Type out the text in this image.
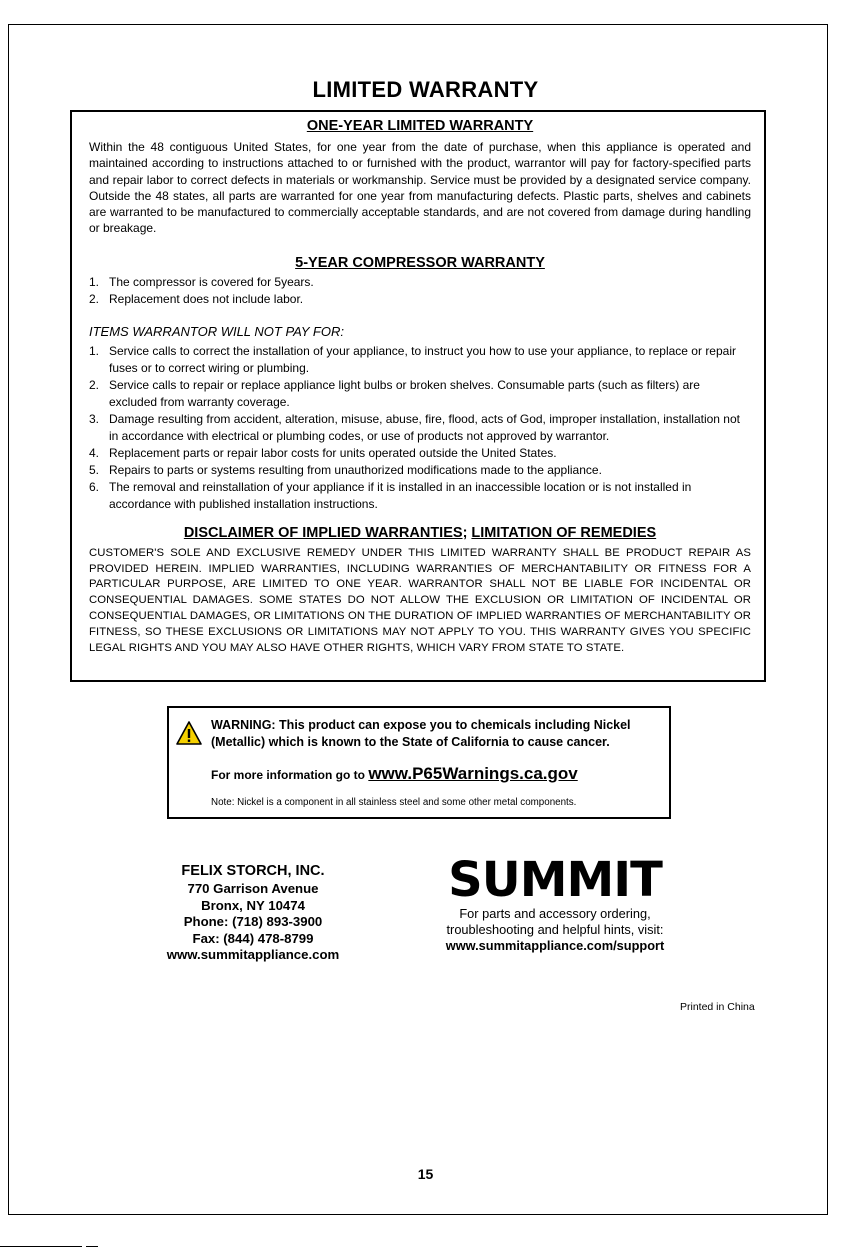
LIMITED WARRANTY
ONE-YEAR LIMITED WARRANTY
Within the 48 contiguous United States, for one year from the date of purchase, when this appliance is operated and maintained according to instructions attached to or furnished with the product, warrantor will pay for factory-specified parts and repair labor to correct defects in materials or workmanship. Service must be provided by a designated service company. Outside the 48 states, all parts are warranted for one year from manufacturing defects. Plastic parts, shelves and cabinets are warranted to be manufactured to commercially acceptable standards, and are not covered from damage during handling or breakage.
5-YEAR COMPRESSOR WARRANTY
1. The compressor is covered for 5years.
2. Replacement does not include labor.
ITEMS WARRANTOR WILL NOT PAY FOR:
1. Service calls to correct the installation of your appliance, to instruct you how to use your appliance, to replace or repair fuses or to correct wiring or plumbing.
2. Service calls to repair or replace appliance light bulbs or broken shelves. Consumable parts (such as filters) are excluded from warranty coverage.
3. Damage resulting from accident, alteration, misuse, abuse, fire, flood, acts of God, improper installation, installation not in accordance with electrical or plumbing codes, or use of products not approved by warrantor.
4. Replacement parts or repair labor costs for units operated outside the United States.
5. Repairs to parts or systems resulting from unauthorized modifications made to the appliance.
6. The removal and reinstallation of your appliance if it is installed in an inaccessible location or is not installed in accordance with published installation instructions.
DISCLAIMER OF IMPLIED WARRANTIES; LIMITATION OF REMEDIES
CUSTOMER'S SOLE AND EXCLUSIVE REMEDY UNDER THIS LIMITED WARRANTY SHALL BE PRODUCT REPAIR AS PROVIDED HEREIN. IMPLIED WARRANTIES, INCLUDING WARRANTIES OF MERCHANTABILITY OR FITNESS FOR A PARTICULAR PURPOSE, ARE LIMITED TO ONE YEAR. WARRANTOR SHALL NOT BE LIABLE FOR INCIDENTAL OR CONSEQUENTIAL DAMAGES. SOME STATES DO NOT ALLOW THE EXCLUSION OR LIMITATION OF INCIDENTAL OR CONSEQUENTIAL DAMAGES, OR LIMITATIONS ON THE DURATION OF IMPLIED WARRANTIES OF MERCHANTABILITY OR FITNESS, SO THESE EXCLUSIONS OR LIMITATIONS MAY NOT APPLY TO YOU. THIS WARRANTY GIVES YOU SPECIFIC LEGAL RIGHTS AND YOU MAY ALSO HAVE OTHER RIGHTS, WHICH VARY FROM STATE TO STATE.
WARNING: This product can expose you to chemicals including Nickel
(Metallic) which is known to the State of California to cause cancer.
For more information go to www.P65Warnings.ca.gov
Note: Nickel is a component in all stainless steel and some other metal components.
FELIX STORCH, INC.
770 Garrison Avenue
Bronx, NY 10474
Phone: (718) 893-3900
Fax: (844) 478-8799
www.summitappliance.com
SUMMIT
For parts and accessory ordering,
troubleshooting and helpful hints, visit:
www.summitappliance.com/support
Printed in China
15
